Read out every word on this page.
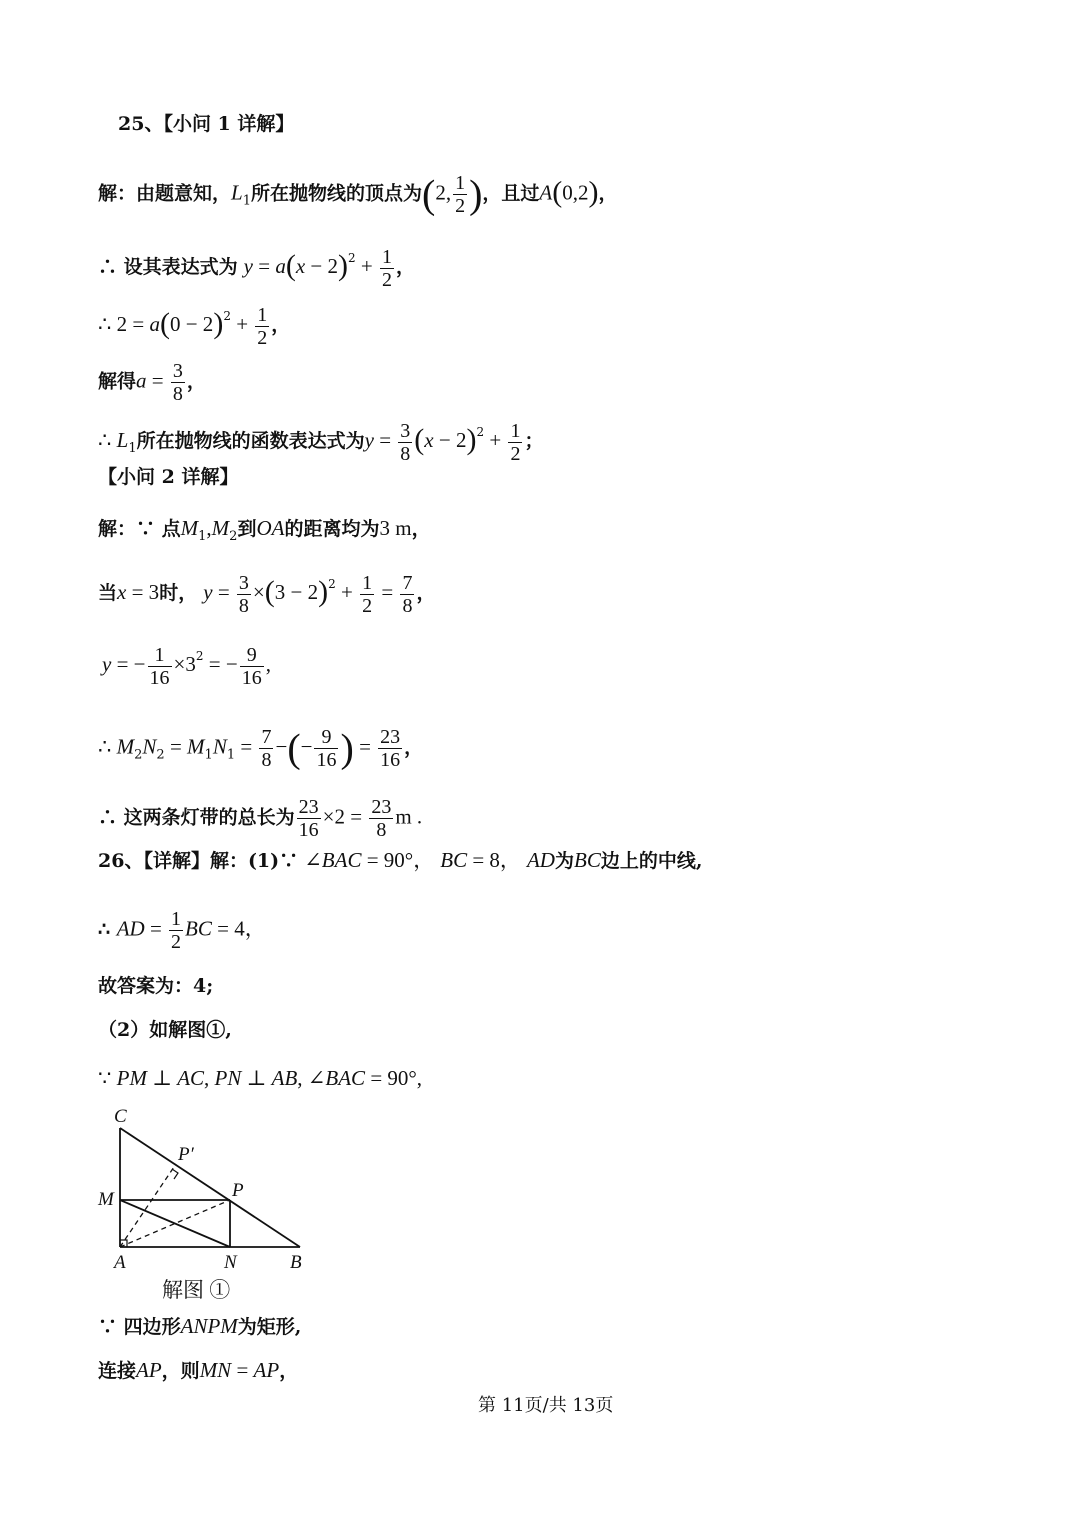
25、【小问 1 详解】
解：由题意知，$L_1$所在抛物线的顶点为(2, $\frac{1}{2}$ )，且过A(0,2)，
∴ 设其表达式为 $y = a(x - 2)^2 + \frac{1}{2}$ ，
∴ $2 = a(0 - 2)^2 + \frac{1}{2}$ ，
解得$a = \frac{3}{8}$ ，
∴ $L_1$所在抛物线的函数表达式为$y = \frac{3}{8} (x - 2)^2 + \frac{1}{2}$ ；
【小问 2 详解】
解：∵ 点$M_1,M_2$到OA的距离均为3 m，
当x = 3时， $y = \frac{3}{8} \times(3 - 2)^2 + \frac{1}{2} = \frac{7}{8}$ ，
y = − $\frac{1}{16} \times 3^2$ = − $\frac{9}{16}$ ,
∴ $M_2N_2 = M_1N_1 = \frac{7}{8}$ −(− $\frac{9}{16}$ ) = $\frac{23}{16}$ ，
∴ 这两条灯带的总长为 $\frac{23}{16} \times 2 = \frac{23}{8}$ m .
26、【详解】解：(1)∵ ∠BAC = 90°， BC = 8， AD为BC边上的中线,
∴ AD = $\frac{1}{2}$ BC = 4，
故答案为：4;
（2）如解图①,
∵ PM ⊥ AC, PN ⊥ AB, ∠BAC = 90°,
C
P′
M	P
A	N	B
解图 ①
∵ 四边形ANPM为矩形,
连接AP，则MN = AP，
第 11页/共 13页
